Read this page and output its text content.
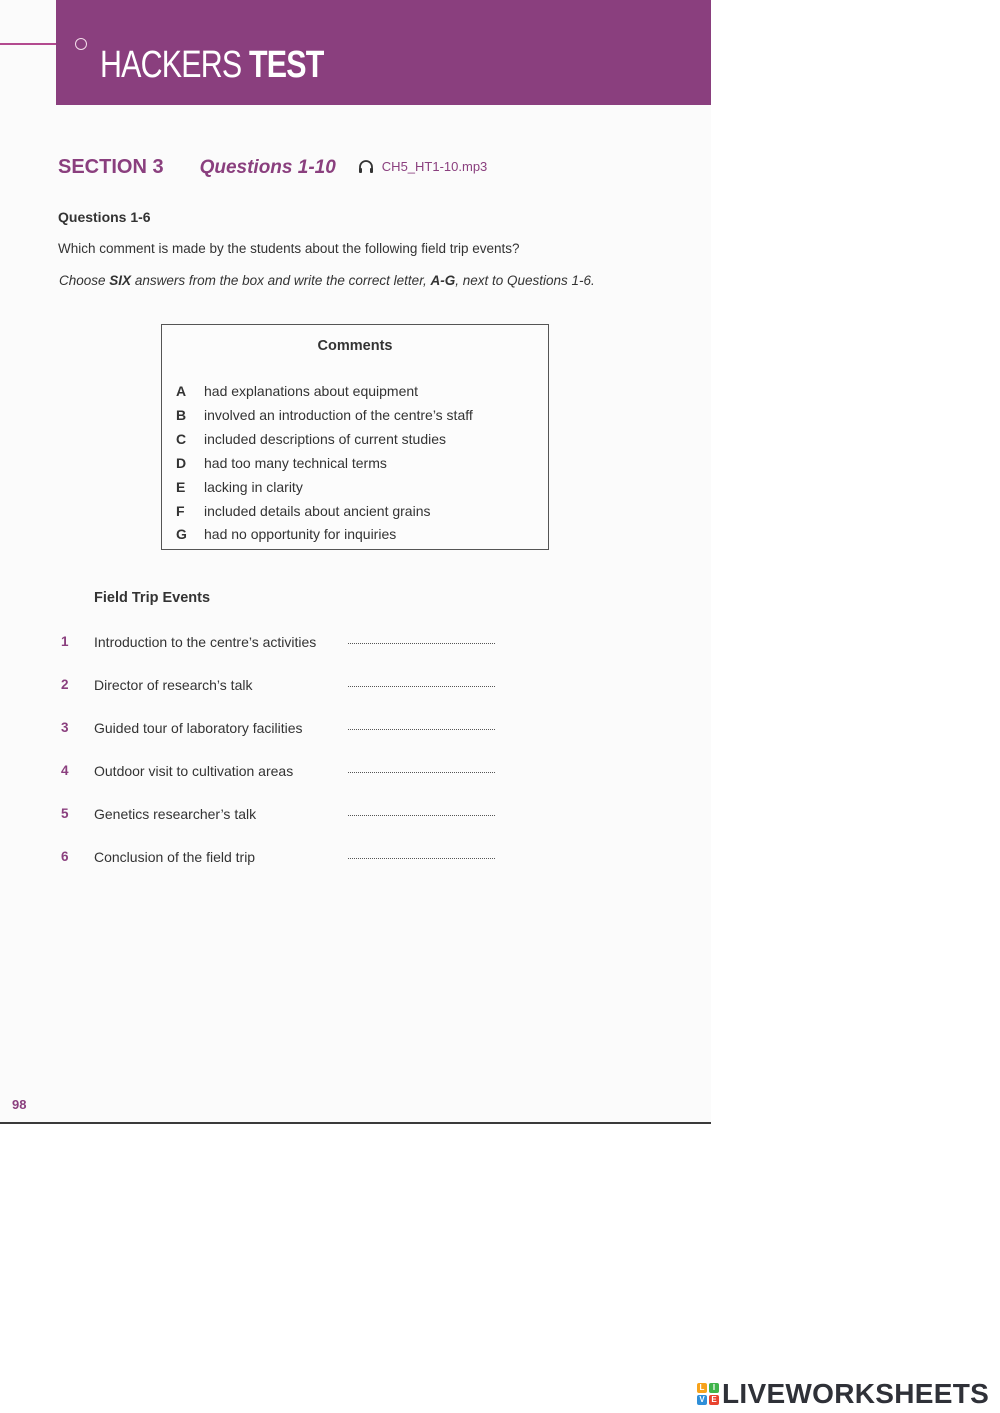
HACKERS TEST
SECTION 3 Questions 1-10	CH5_HT1-10.mp3
Questions 1-6
Which comment is made by the students about the following field trip events?
Choose SIX answers from the box and write the correct letter, A-G, next to Questions 1-6.
Comments
A	had explanations about equipment
B	involved an introduction of the centre’s staff
C	included descriptions of current studies
D	had too many technical terms
E	lacking in clarity
F	included details about ancient grains
G	had no opportunity for inquiries
Field Trip Events
1 Introduction to the centre’s activities
2 Director of research’s talk
3 Guided tour of laboratory facilities
4 Outdoor visit to cultivation areas
5 Genetics researcher’s talk
6 Conclusion of the field trip
98
L	I
V E LIVEWORKSHEETS
